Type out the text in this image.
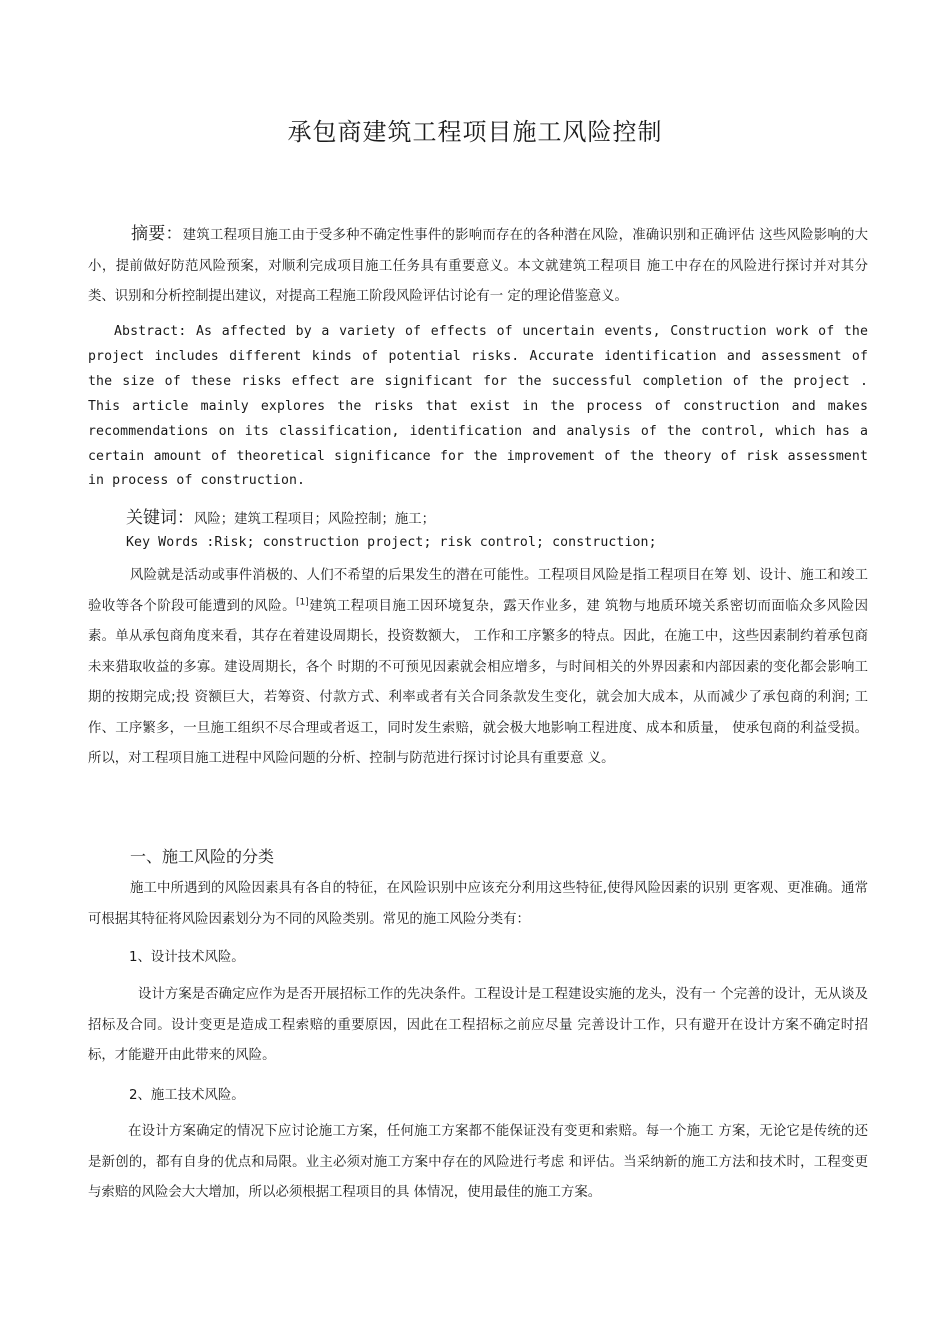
承包商建筑工程项目施工风险控制

摘要：建筑工程项目施工由于受多种不确定性事件的影响而存在的各种潜在风险，准确识别和正确评估 这些风险影响的大小，提前做好防范风险预案，对顺利完成项目施工任务具有重要意义。本文就建筑工程项目 施工中存在的风险进行探讨并对其分类、识别和分析控制提出建议，对提高工程施工阶段风险评估讨论有一 定的理论借鉴意义。

Abstract: As affected by a variety of effects of uncertain events, Construction work of the project includes different kinds of potential risks. Accurate identification and assessment of the size of these risks effect are significant for the successful completion of the project . This article mainly explores the risks that exist in the process of construction and makes recommendations on its classification, identification and analysis of the control, which has a certain amount of theoretical significance for the improvement of the theory of risk assessment in process of construction.

关键词：风险；建筑工程项目；风险控制；施工；

Key Words :Risk; construction project; risk control; construction;

风险就是活动或事件消极的、人们不希望的后果发生的潜在可能性。工程项目风险是指工程项目在筹 划、设计、施工和竣工验收等各个阶段可能遭到的风险。[1]建筑工程项目施工因环境复杂，露天作业多，建 筑物与地质环境关系密切而面临众多风险因素。单从承包商角度来看，其存在着建设周期长，投资数额大， 工作和工序繁多的特点。因此，在施工中，这些因素制约着承包商未来猎取收益的多寡。建设周期长，各个 时期的不可预见因素就会相应增多，与时间相关的外界因素和内部因素的变化都会影响工期的按期完成;投 资额巨大，若筹资、付款方式、利率或者有关合同条款发生变化，就会加大成本，从而减少了承包商的利润; 工作、工序繁多，一旦施工组织不尽合理或者返工，同时发生索赔，就会极大地影响工程进度、成本和质量， 使承包商的利益受损。所以，对工程项目施工进程中风险问题的分析、控制与防范进行探讨讨论具有重要意 义。

一、施工风险的分类

施工中所遇到的风险因素具有各自的特征，在风险识别中应该充分利用这些特征,使得风险因素的识别 更客观、更准确。通常可根据其特征将风险因素划分为不同的风险类别。常见的施工风险分类有：

1、设计技术风险。

设计方案是否确定应作为是否开展招标工作的先决条件。工程设计是工程建设实施的龙头，没有一 个完善的设计，无从谈及招标及合同。设计变更是造成工程索赔的重要原因，因此在工程招标之前应尽量 完善设计工作，只有避开在设计方案不确定时招标，才能避开由此带来的风险。

2、施工技术风险。

在设计方案确定的情况下应讨论施工方案，任何施工方案都不能保证没有变更和索赔。每一个施工 方案，无论它是传统的还是新创的，都有自身的优点和局限。业主必须对施工方案中存在的风险进行考虑 和评估。当采纳新的施工方法和技术时，工程变更与索赔的风险会大大增加，所以必须根据工程项目的具 体情况，使用最佳的施工方案。
